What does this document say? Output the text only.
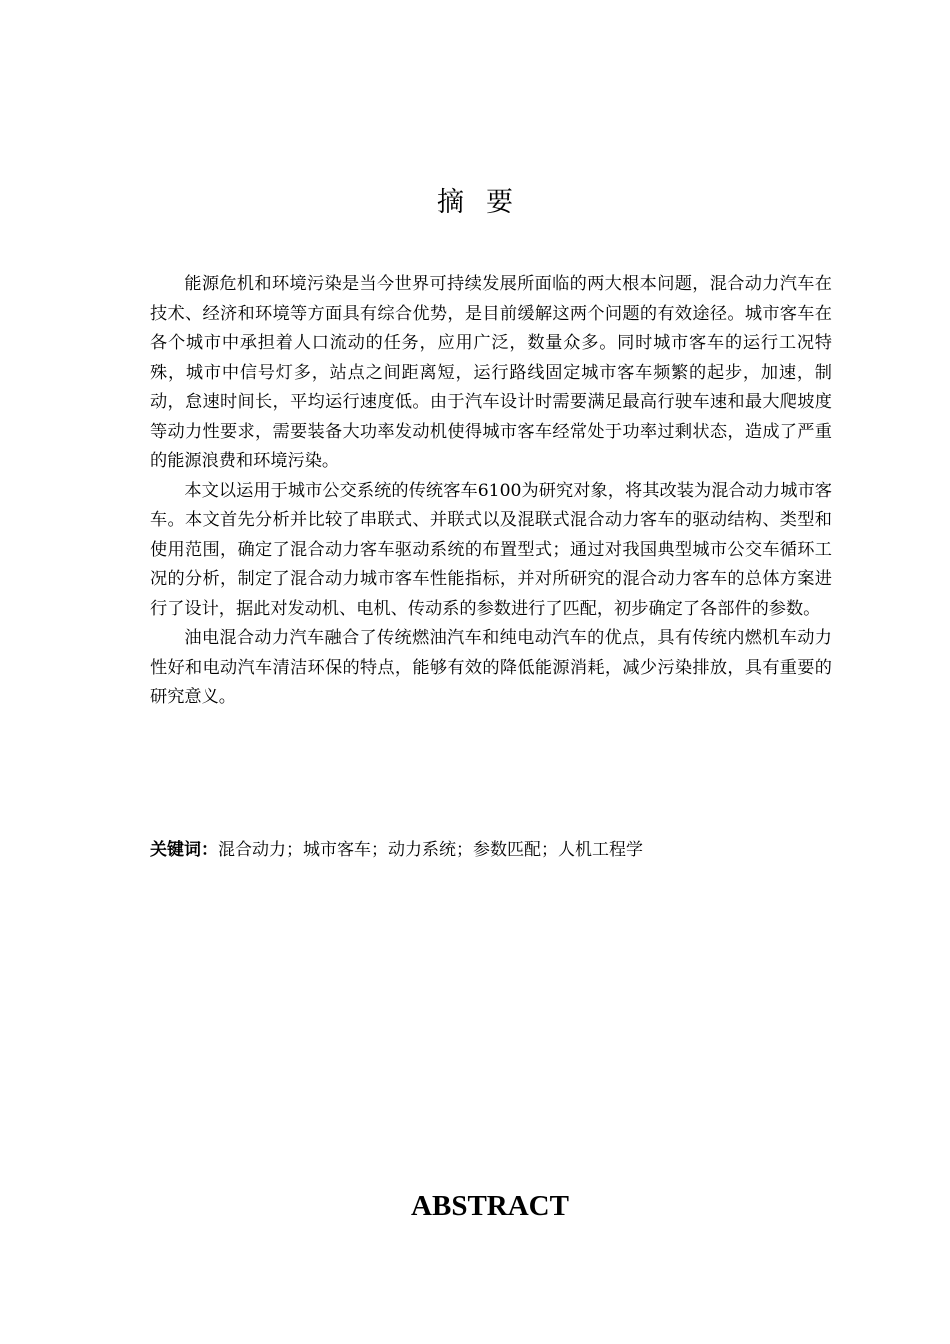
摘要

能源危机和环境污染是当今世界可持续发展所面临的两大根本问题，混合动力汽车在技术、经济和环境等方面具有综合优势，是目前缓解这两个问题的有效途径。城市客车在各个城市中承担着人口流动的任务，应用广泛，数量众多。同时城市客车的运行工况特殊，城市中信号灯多，站点之间距离短，运行路线固定城市客车频繁的起步，加速，制动，怠速时间长，平均运行速度低。由于汽车设计时需要满足最高行驶车速和最大爬坡度等动力性要求，需要装备大功率发动机使得城市客车经常处于功率过剩状态，造成了严重的能源浪费和环境污染。

本文以运用于城市公交系统的传统客车6100为研究对象，将其改装为混合动力城市客车。本文首先分析并比较了串联式、并联式以及混联式混合动力客车的驱动结构、类型和使用范围，确定了混合动力客车驱动系统的布置型式；通过对我国典型城市公交车循环工况的分析，制定了混合动力城市客车性能指标，并对所研究的混合动力客车的总体方案进行了设计，据此对发动机、电机、传动系的参数进行了匹配，初步确定了各部件的参数。

油电混合动力汽车融合了传统燃油汽车和纯电动汽车的优点，具有传统内燃机车动力性好和电动汽车清洁环保的特点，能够有效的降低能源消耗，减少污染排放，具有重要的研究意义。

关键词：混合动力；城市客车；动力系统；参数匹配；人机工程学
ABSTRACT
